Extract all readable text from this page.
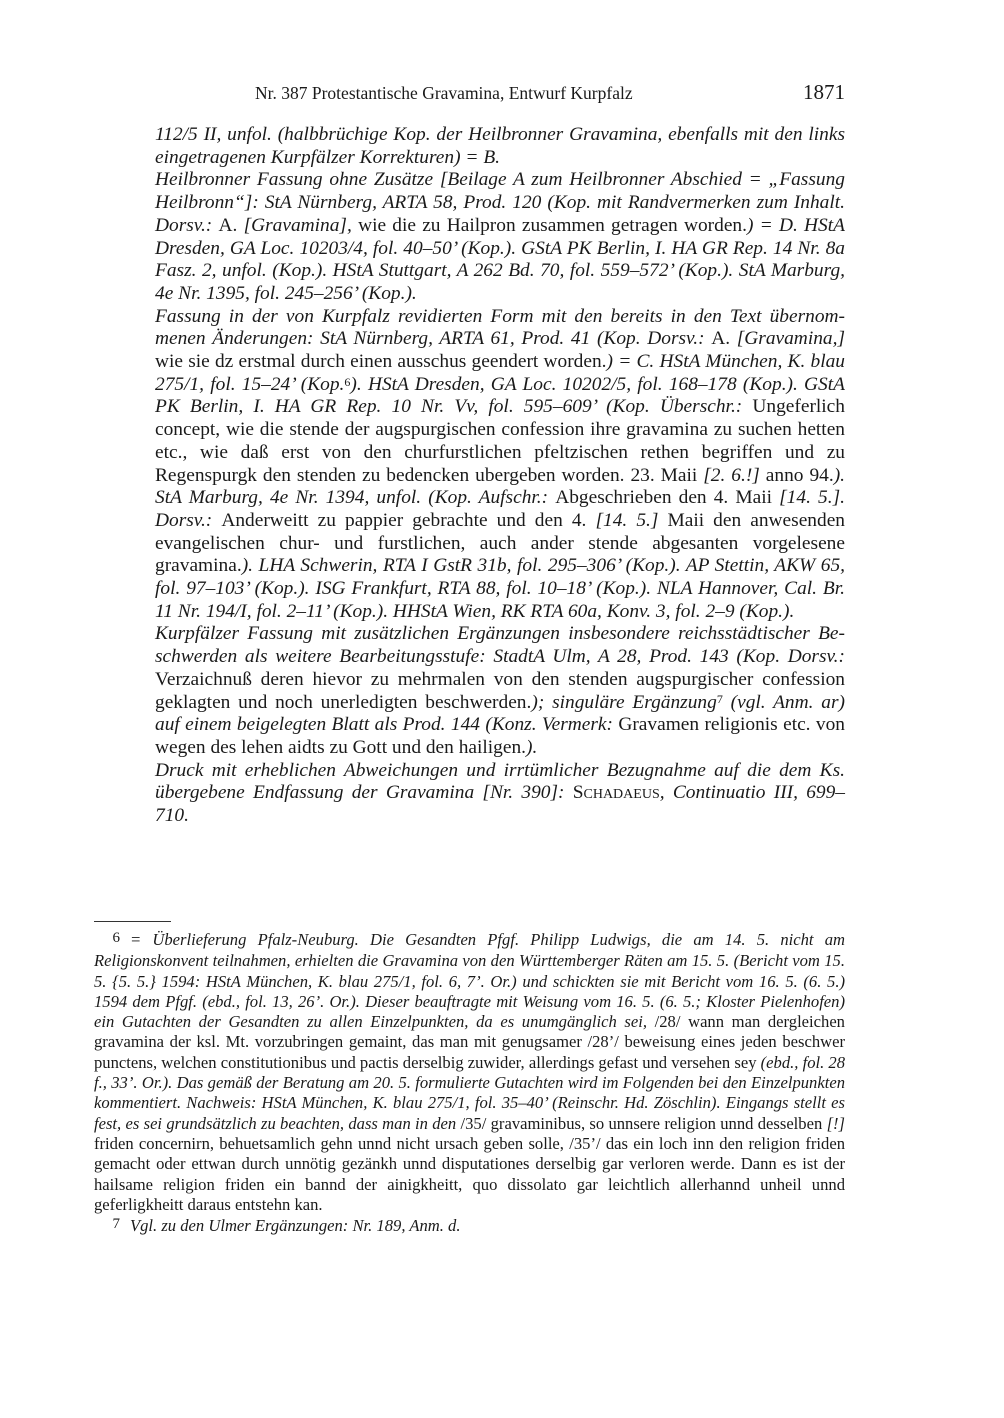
Nr. 387 Protestantische Gravamina, Entwurf Kurpfalz	1871

112/5 II, unfol. (halbbrüchige Kop. der Heilbronner Gravamina, ebenfalls mit den links eingetragenen Kurpfälzer Korrekturen) = B.

Heilbronner Fassung ohne Zusätze [Beilage A zum Heilbronner Abschied = „Fassung Heilbronn“]: StA Nürnberg, ARTA 58, Prod. 120 (Kop. mit Randvermerken zum Inhalt. Dorsv.: A. [Gravamina], wie die zu Hailpron zusammen getragen worden.) = D. HStA Dresden, GA Loc. 10203/4, fol. 40–50’ (Kop.). GStA PK Berlin, I. HA GR Rep. 14 Nr. 8a Fasz. 2, unfol. (Kop.). HStA Stuttgart, A 262 Bd. 70, fol. 559–572’ (Kop.). StA Marburg, 4e Nr. 1395, fol. 245–256’ (Kop.).

Fassung in der von Kurpfalz revidierten Form mit den bereits in den Text übernommenen Änderungen: StA Nürnberg, ARTA 61, Prod. 41 (Kop. Dorsv.: A. [Gravamina,] wie sie dz erstmal durch einen ausschus geendert worden.) = C. HStA München, K. blau 275/1, fol. 15–24’ (Kop.$^6$). HStA Dresden, GA Loc. 10202/5, fol. 168–178 (Kop.). GStA PK Berlin, I. HA GR Rep. 10 Nr. Vv, fol. 595–609’ (Kop. Überschr.: Ungeferlich concept, wie die stende der augspurgischen confession ihre gravamina zu suchen hetten etc., wie daß erst von den churfurstlichen pfeltzischen rethen begriffen und zu Regenspurgk den stenden zu bedencken ubergeben worden. 23. Maii [2. 6.!] anno 94.). StA Marburg, 4e Nr. 1394, unfol. (Kop. Aufschr.: Abgeschrieben den 4. Maii [14. 5.]. Dorsv.: Anderweitt zu pappier gebrachte und den 4. [14. 5.] Maii den anwesenden evangelischen chur- und furstlichen, auch ander stende abgesanten vorgelesene gravamina.). LHA Schwerin, RTA I GstR 31b, fol. 295–306’ (Kop.). AP Stettin, AKW 65, fol. 97–103’ (Kop.). ISG Frankfurt, RTA 88, fol. 10–18’ (Kop.). NLA Hannover, Cal. Br. 11 Nr. 194/I, fol. 2–11’ (Kop.). HHStA Wien, RK RTA 60a, Konv. 3, fol. 2–9 (Kop.).

Kurpfälzer Fassung mit zusätzlichen Ergänzungen insbesondere reichsstädtischer Beschwerden als weitere Bearbeitungsstufe: StadtA Ulm, A 28, Prod. 143 (Kop. Dorsv.: Verzaichnuß deren hievor zu mehrmalen von den stenden augspurgischer confession geklagten und noch unerledigten beschwerden.); singuläre Ergänzung$^7$ (vgl. Anm. ar) auf einem beigelegten Blatt als Prod. 144 (Konz. Vermerk: Gravamen religionis etc. von wegen des lehen aidts zu Gott und den hailigen.).

Druck mit erheblichen Abweichungen und irrtümlicher Bezugnahme auf die dem Ks. übergebene Endfassung der Gravamina [Nr. 390]: Schadaeus, Continuatio III, 699–710.

6 = Überlieferung Pfalz-Neuburg. Die Gesandten Pfgf. Philipp Ludwigs, die am 14. 5. nicht am Religionskonvent teilnahmen, erhielten die Gravamina von den Württemberger Räten am 15. 5. (Bericht vom 15. 5. {5. 5.} 1594: HStA München, K. blau 275/1, fol. 6, 7’. Or.) und schickten sie mit Bericht vom 16. 5. (6. 5.) 1594 dem Pfgf. (ebd., fol. 13, 26’. Or.). Dieser beauftragte mit Weisung vom 16. 5. (6. 5.; Kloster Pielenhofen) ein Gutachten der Gesandten zu allen Einzelpunkten, da es unumgänglich sei, /28/ wann man dergleichen gravamina der ksl. Mt. vorzubringen gemaint, das man mit genugsamer /28’/ beweisung eines jeden beschwer punctens, welchen constitutionibus und pactis derselbig zuwider, allerdings gefast und versehen sey (ebd., fol. 28 f., 33’. Or.). Das gemäß der Beratung am 20. 5. formulierte Gutachten wird im Folgenden bei den Einzelpunkten kommentiert. Nachweis: HStA München, K. blau 275/1, fol. 35–40’ (Reinschr. Hd. Zöschlin). Eingangs stellt es fest, es sei grundsätzlich zu beachten, dass man in den /35/ gravaminibus, so unnsere religion unnd desselben [!] friden concernirn, behuetsamlich gehn unnd nicht ursach geben solle, /35’/ das ein loch inn den religion friden gemacht oder ettwan durch unnötig gezänkh unnd disputationes derselbig gar verloren werde. Dann es ist der hailsame religion friden ein bannd der ainigkheitt, quo dissolato gar leichtlich allerhannd unheil unnd geferligkheitt daraus entstehn kan.

7 Vgl. zu den Ulmer Ergänzungen: Nr. 189, Anm. d.
